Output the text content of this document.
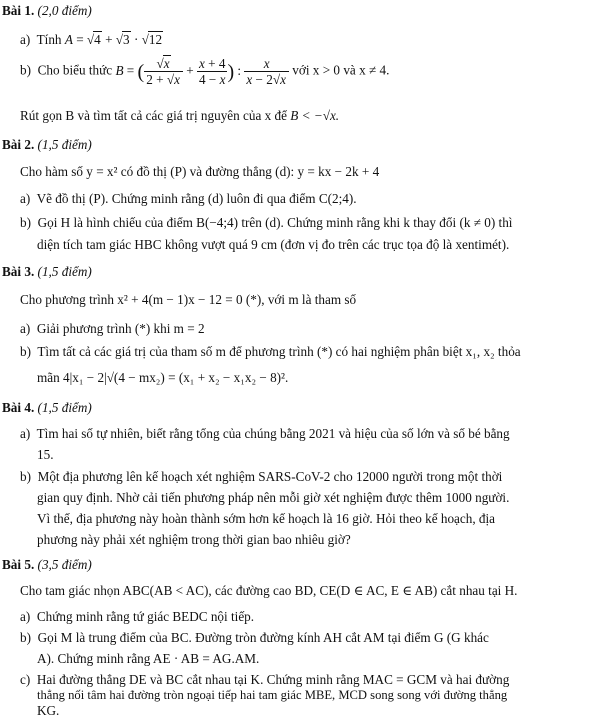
Bài 1. (2,0 điểm)
a) Tính A = √4 + √3 · √12
b) Cho biểu thức B = ( $\frac{√x}{2 + √x} + \frac{x + 4}{4 - x}$ ) : $\frac{x}{x - 2√x}$ với x > 0 và x ≠ 4.
Rút gọn B và tìm tất cả các giá trị nguyên của x để B < −√x.
Bài 2. (1,5 điểm)
Cho hàm số y = x² có đồ thị (P) và đường thẳng (d): y = kx − 2k + 4
a) Vẽ đồ thị (P). Chứng minh rằng (d) luôn đi qua điểm C(2;4).
b) Gọi H là hình chiếu của điểm B(−4;4) trên (d). Chứng minh rằng khi k thay đổi (k ≠ 0) thì
diện tích tam giác HBC không vượt quá 9 cm (đơn vị đo trên các trục tọa độ là xentimét).
Bài 3. (1,5 điểm)
Cho phương trình x² + 4(m − 1)x − 12 = 0 (*), với m là tham số
a) Giải phương trình (*) khi m = 2
b) Tìm tất cả các giá trị của tham số m để phương trình (*) có hai nghiệm phân biệt x₁, x₂ thỏa
mãn 4|x₁ − 2|√(4 − mx₂) = (x₁ + x₂ − x₁x₂ − 8)².
Bài 4. (1,5 điểm)
a) Tìm hai số tự nhiên, biết rằng tổng của chúng bằng 2021 và hiệu của số lớn và số bé bằng
15.
b) Một địa phương lên kế hoạch xét nghiệm SARS-CoV-2 cho 12000 người trong một thời
gian quy định. Nhờ cải tiến phương pháp nên mỗi giờ xét nghiệm được thêm 1000 người.
Vì thế, địa phương này hoàn thành sớm hơn kế hoạch là 16 giờ. Hỏi theo kế hoạch, địa
phương này phải xét nghiệm trong thời gian bao nhiêu giờ?
Bài 5. (3,5 điểm)
Cho tam giác nhọn ABC(AB < AC), các đường cao BD, CE(D ∈ AC, E ∈ AB) cắt nhau tại H.
a) Chứng minh rằng tứ giác BEDC nội tiếp.
b) Gọi M là trung điểm của BC. Đường tròn đường kính AH cắt AM tại điểm G (G khác
A). Chứng minh rằng AE · AB = AG.AM.
c) Hai đường thẳng DE và BC cắt nhau tại K. Chứng minh rằng MAC = GCM và hai đường
thẳng nối tâm hai đường tròn ngoại tiếp hai tam giác MBE, MCD song song với đường thẳng
KG.
